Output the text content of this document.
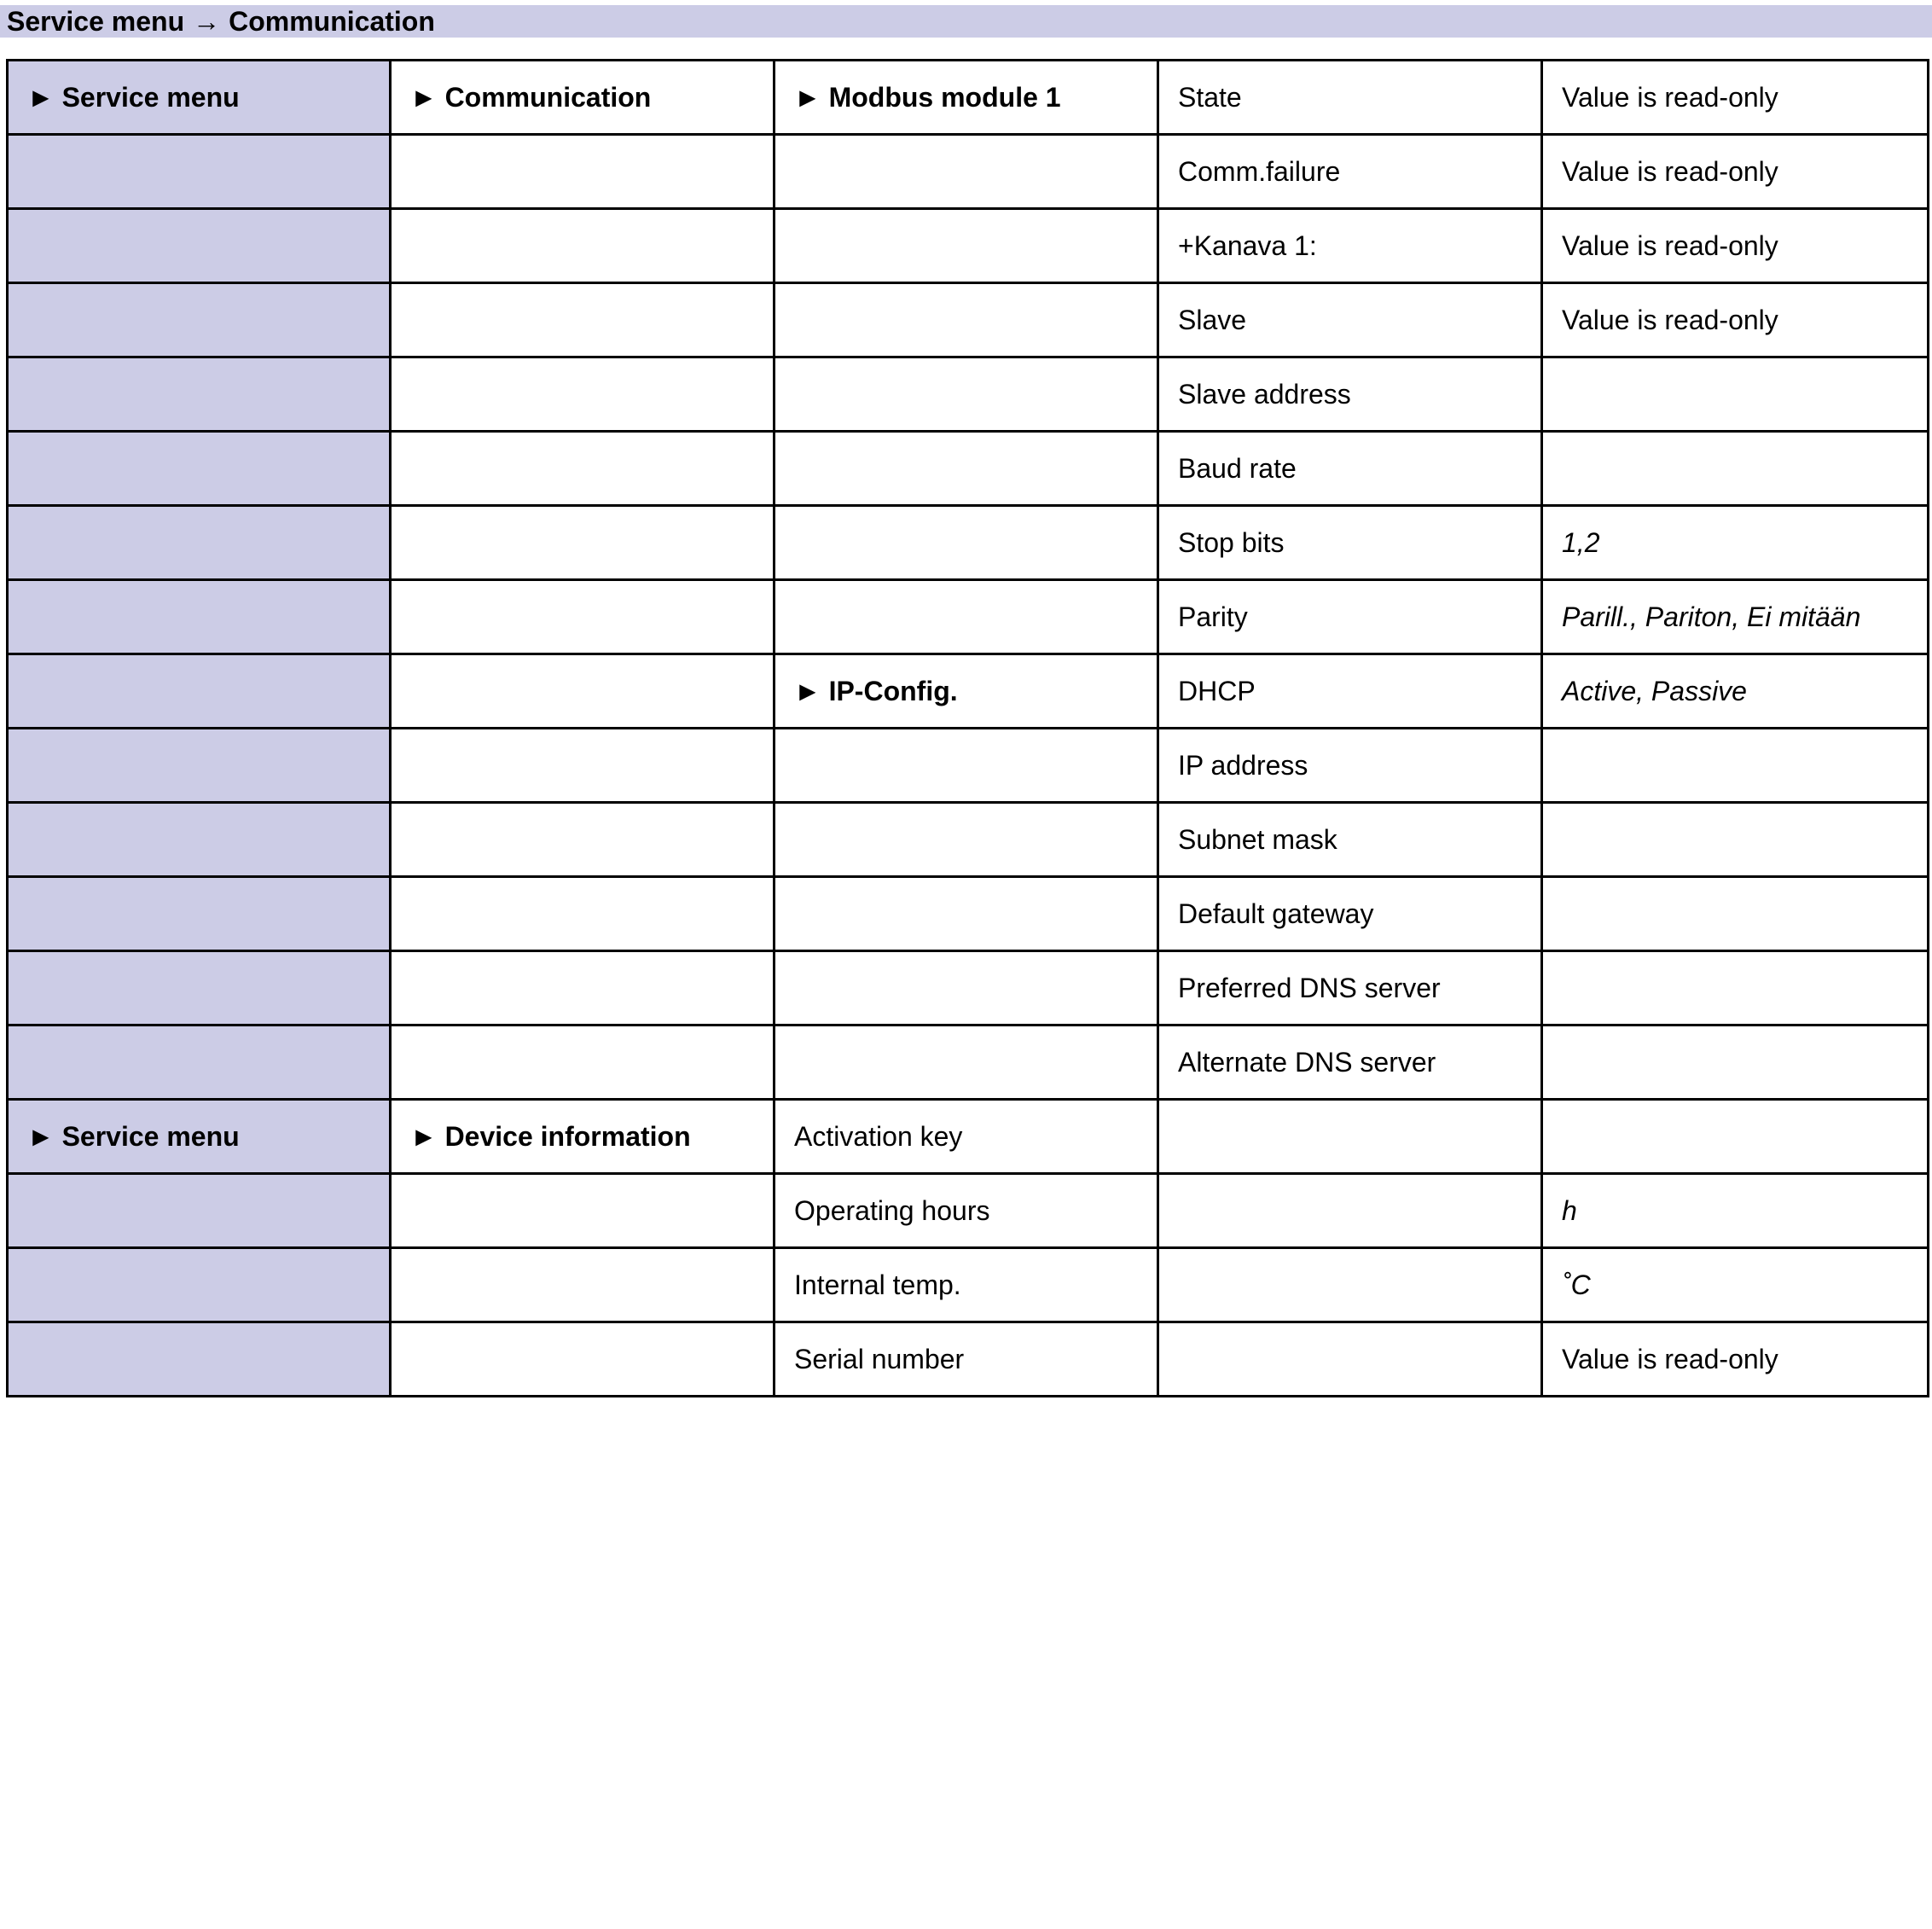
Service menu → Communication
► Service menu	► Communication	► Modbus module 1	State	Value is read-only
			Comm.failure	Value is read-only
			+Kanava 1:	Value is read-only
			Slave	Value is read-only
			Slave address	
			Baud rate	
			Stop bits	1,2
			Parity	Parill., Pariton, Ei mitään
		► IP-Config.	DHCP	Active, Passive
			IP address	
			Subnet mask	
			Default gateway	
			Preferred DNS server	
			Alternate DNS server	
► Service menu	► Device information	Activation key		
		Operating hours		h
		Internal temp.		˚C
		Serial number		Value is read-only
